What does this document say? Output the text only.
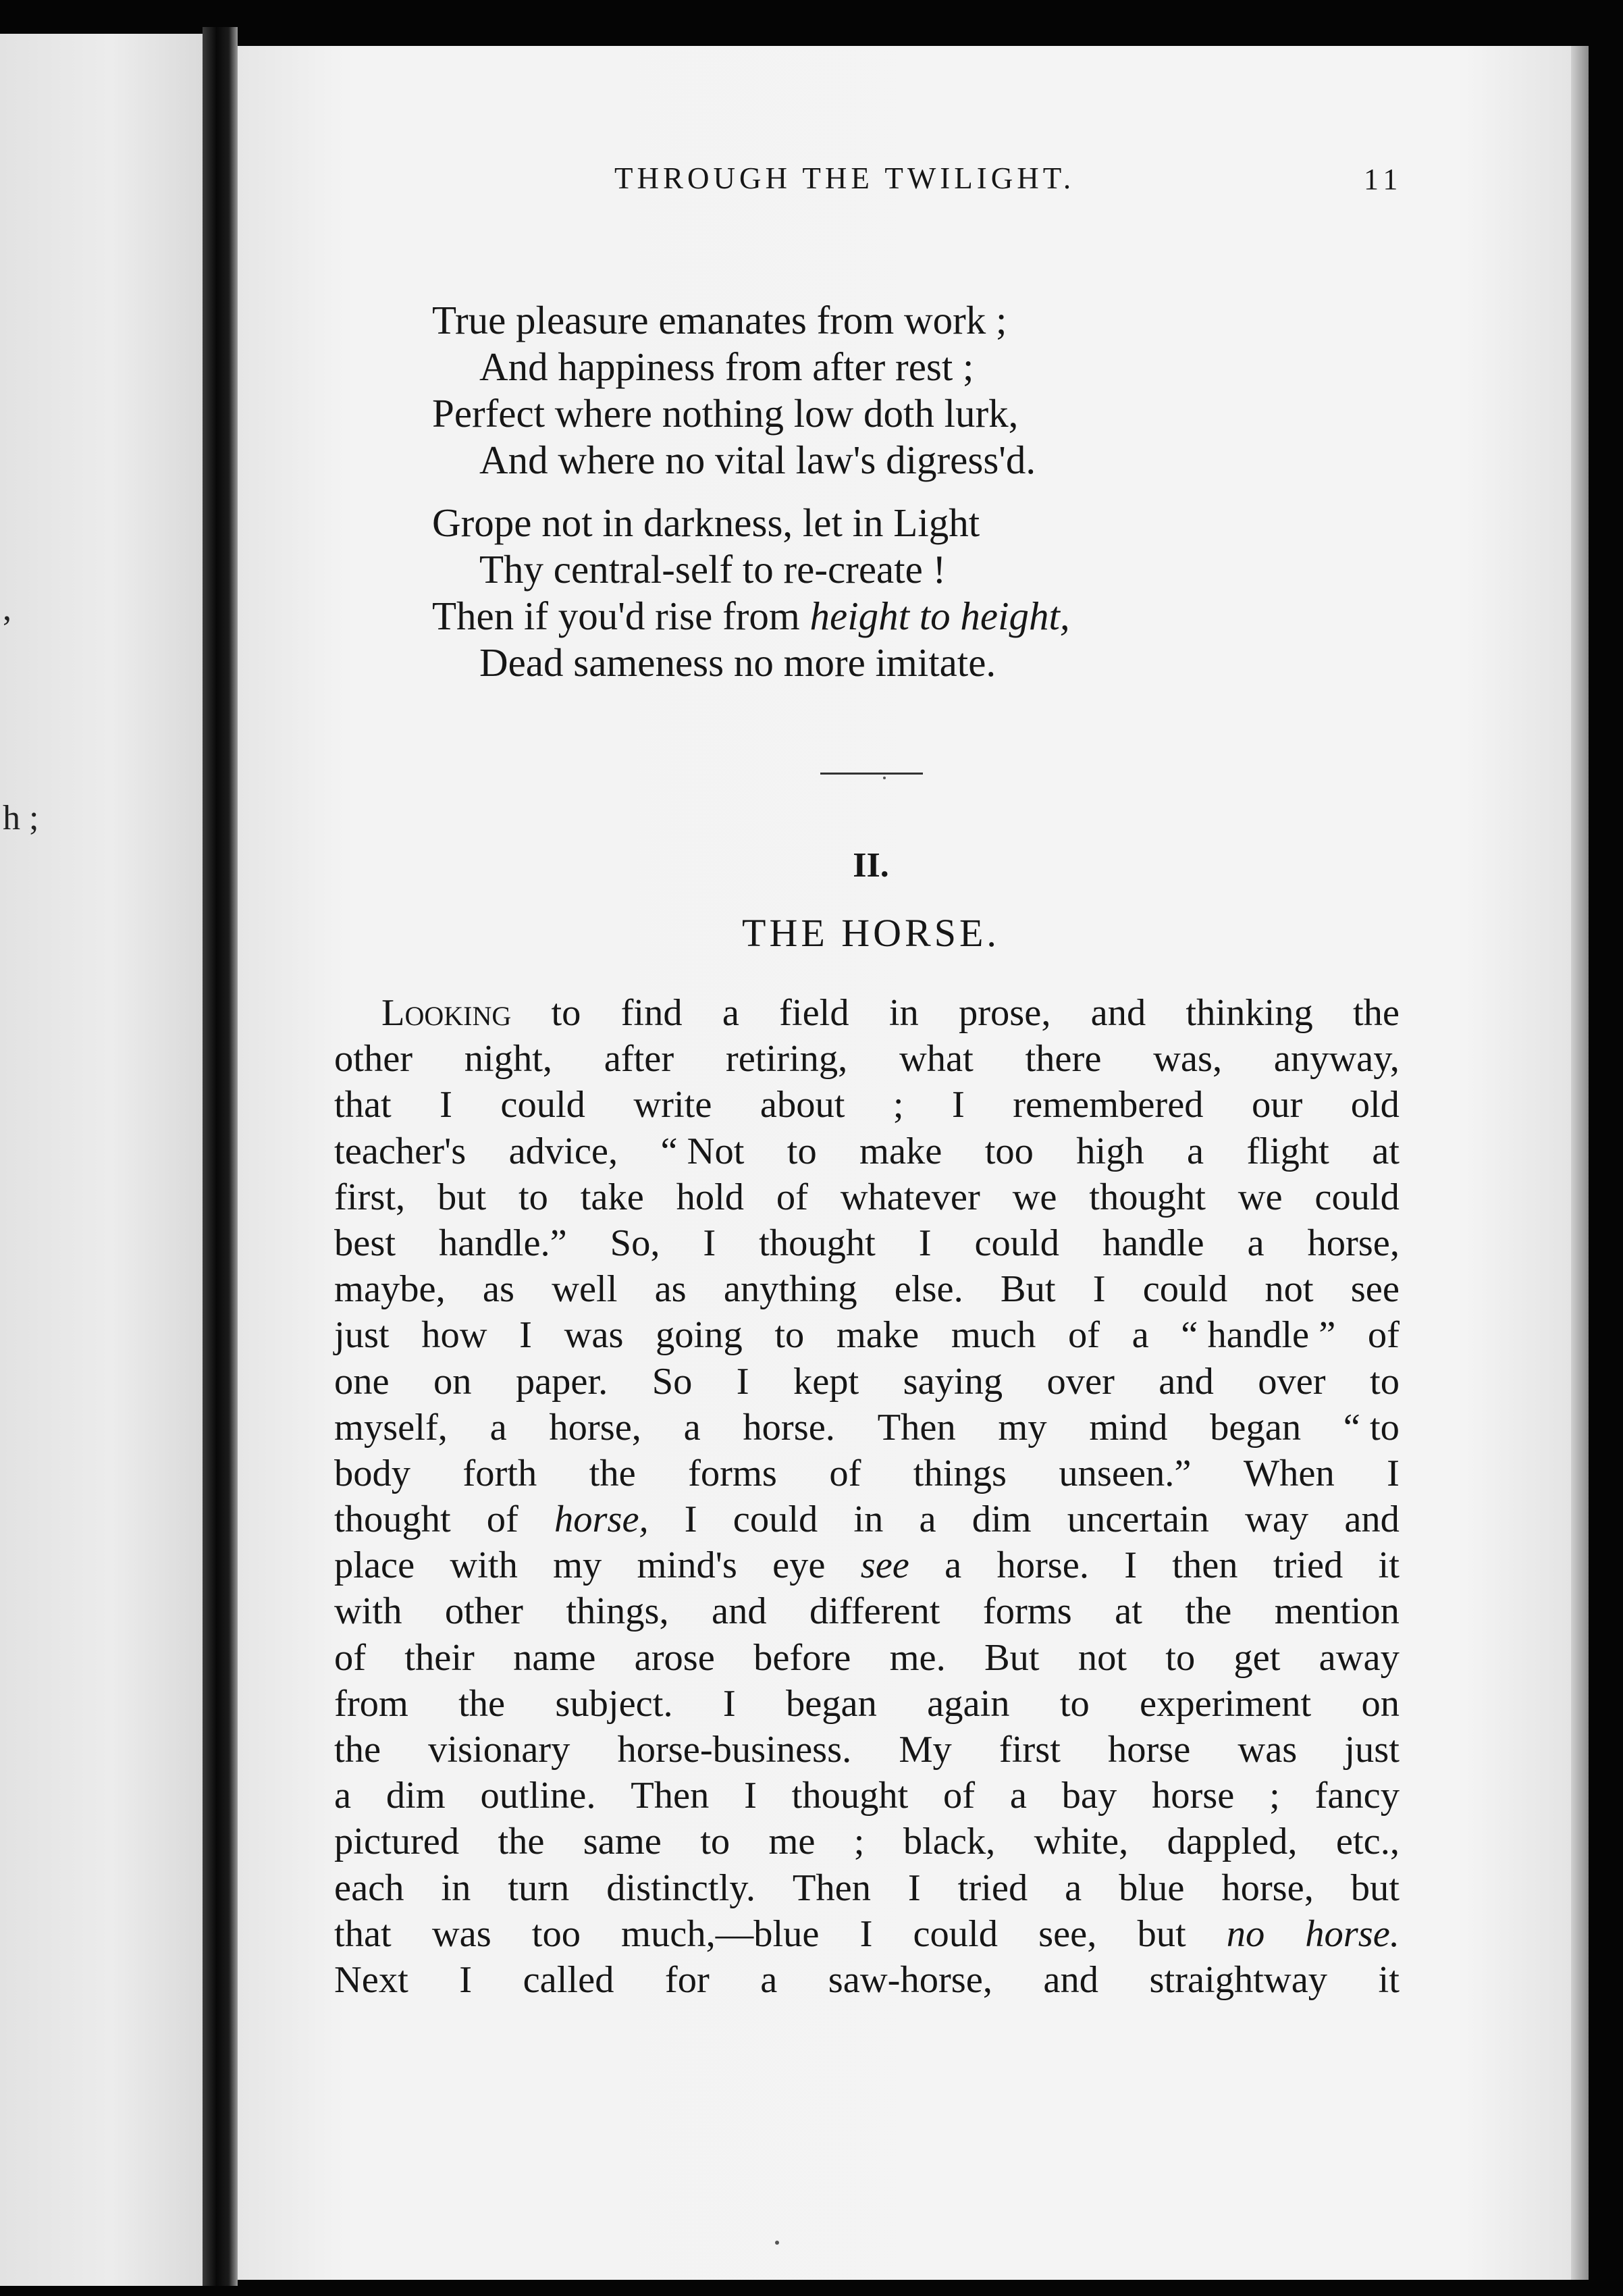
,
h ;
THROUGH THE TWILIGHT.	11
True pleasure emanates from work ;
And happiness from after rest ;
Perfect where nothing low doth lurk,
And where no vital law's digress'd.
Grope not in darkness, let in Light
Thy central-self to re-create !
Then if you'd rise from height to height,
Dead sameness no more imitate.
II.
THE HORSE.
Looking to find a field in prose, and thinking the
other night, after retiring, what there was, anyway,
that I could write about ; I remembered our old
teacher's advice, “ Not to make too high a flight at
first, but to take hold of whatever we thought we could
best handle.” So, I thought I could handle a horse,
maybe, as well as anything else. But I could not see
just how I was going to make much of a “ handle ” of
one on paper. So I kept saying over and over to
myself, a horse, a horse. Then my mind began “ to
body forth the forms of things unseen.” When I
thought of horse, I could in a dim uncertain way and
place with my mind's eye see a horse. I then tried it
with other things, and different forms at the mention
of their name arose before me. But not to get away
from the subject. I began again to experiment on
the visionary horse-business. My first horse was just
a dim outline. Then I thought of a bay horse ; fancy
pictured the same to me ; black, white, dappled, etc.,
each in turn distinctly. Then I tried a blue horse, but
that was too much,—blue I could see, but no horse.
Next I called for a saw-horse, and straightway it
